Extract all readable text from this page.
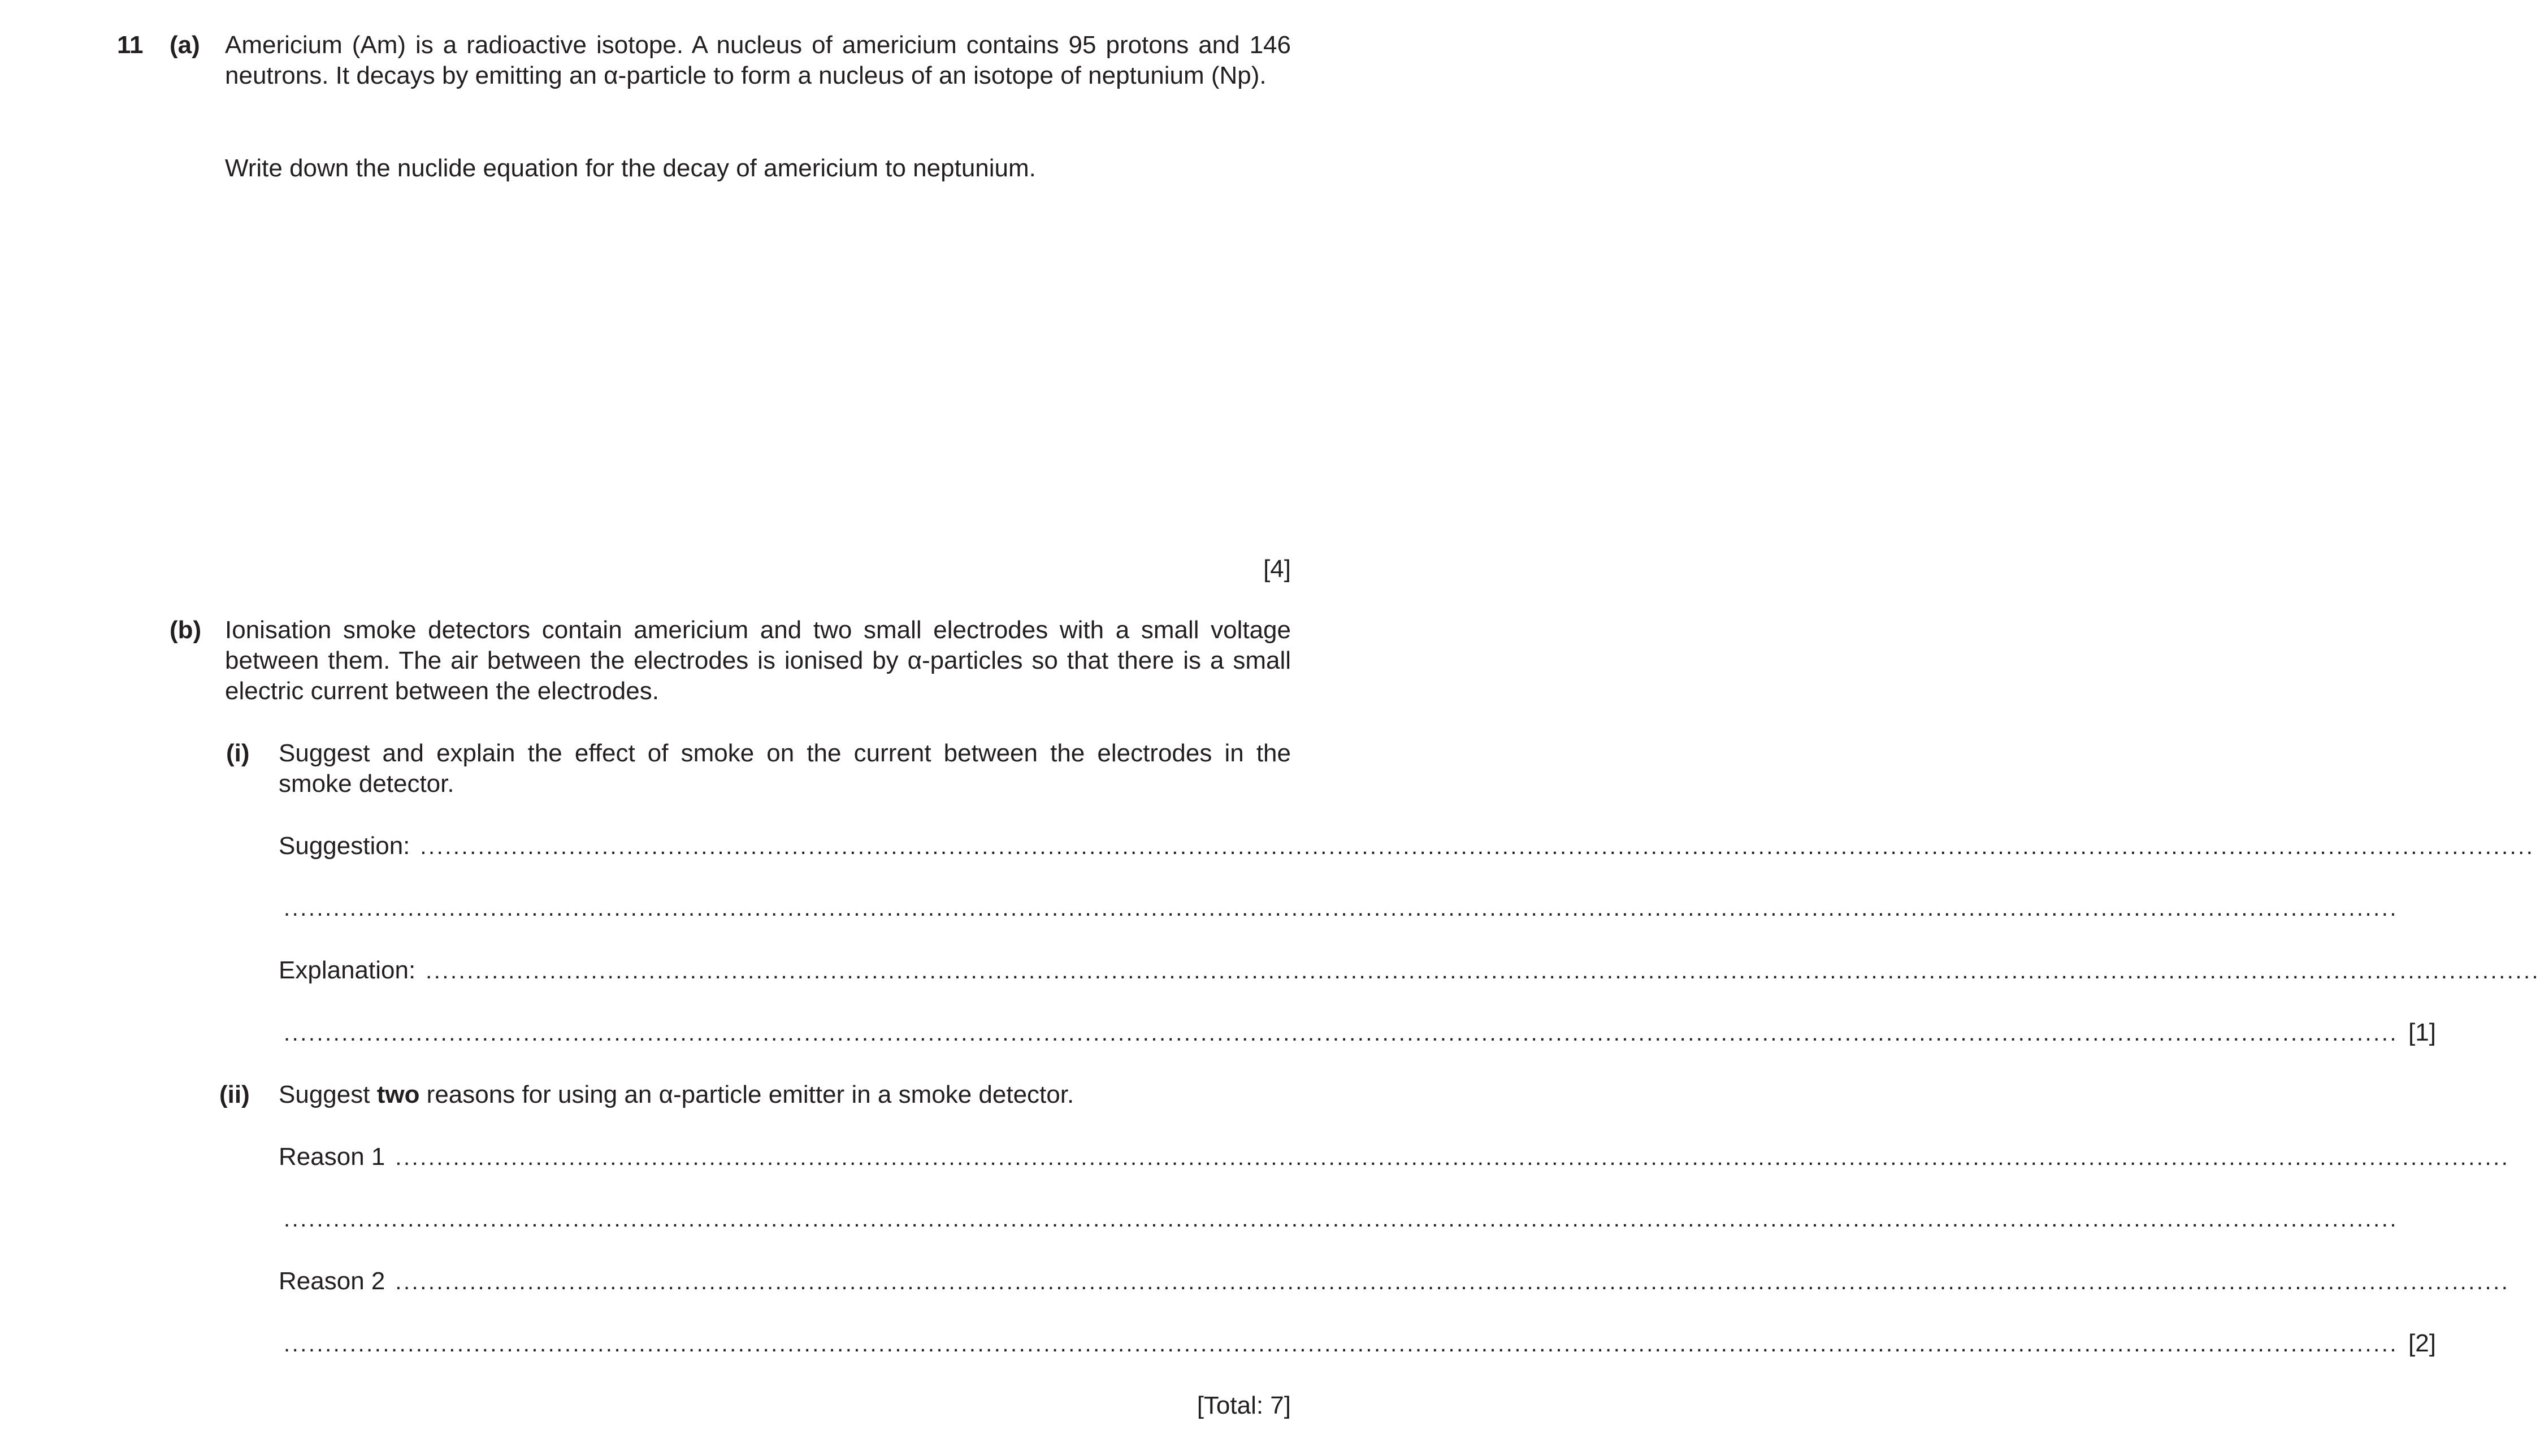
11 (a) Americium (Am) is a radioactive isotope. A nucleus of americium contains 95 protons and 146 neutrons. It decays by emitting an α-particle to form a nucleus of an isotope of neptunium (Np).
Write down the nuclide equation for the decay of americium to neptunium.
[4]
(b) Ionisation smoke detectors contain americium and two small electrodes with a small voltage between them. The air between the electrodes is ionised by α-particles so that there is a small electric current between the electrodes.
(i) Suggest and explain the effect of smoke on the current between the electrodes in the smoke detector.
Suggestion: ................................................................................................................................................................................................................................................................
................................................................................................................................................................................................................................................................
Explanation: ................................................................................................................................................................................................................................................................
................................................................................................................................................................................................................................................................ [1]
(ii) Suggest two reasons for using an α-particle emitter in a smoke detector.
Reason 1 ................................................................................................................................................................................................................................................................
................................................................................................................................................................................................................................................................
Reason 2 ................................................................................................................................................................................................................................................................
................................................................................................................................................................................................................................................................ [2]
[Total: 7]
